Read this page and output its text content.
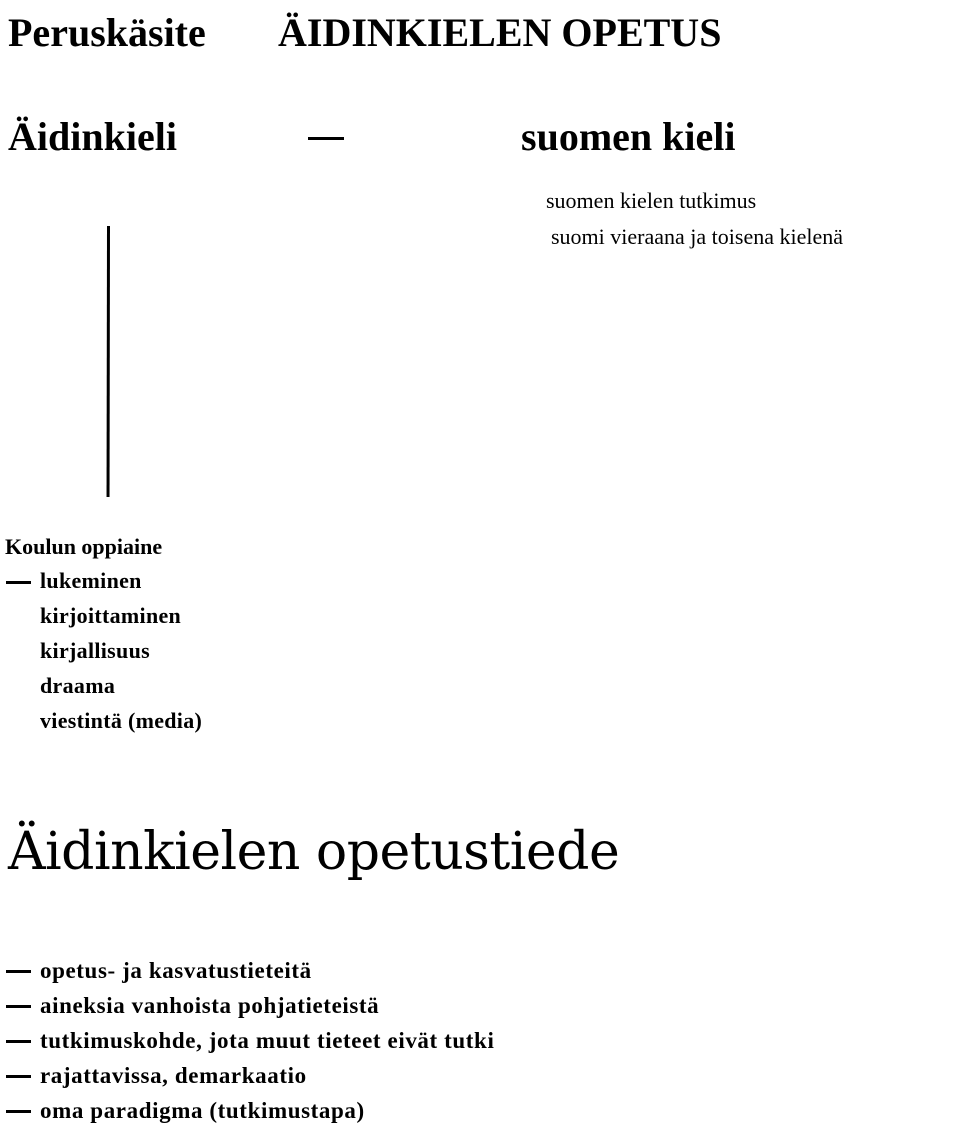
Peruskäsite ÄIDINKIELEN OPETUS
Äidinkieli	suomen kieli
suomen kielen tutkimus
suomi vieraana ja toisena kielenä
Koulun oppiaine
lukeminen
kirjoittaminen
kirjallisuus
draama
viestintä (media)
Äidinkielen opetustiede
opetus- ja kasvatustieteitä
aineksia vanhoista pohjatieteistä
tutkimuskohde, jota muut tieteet eivät tutki
rajattavissa, demarkaatio
oma paradigma (tutkimustapa)
